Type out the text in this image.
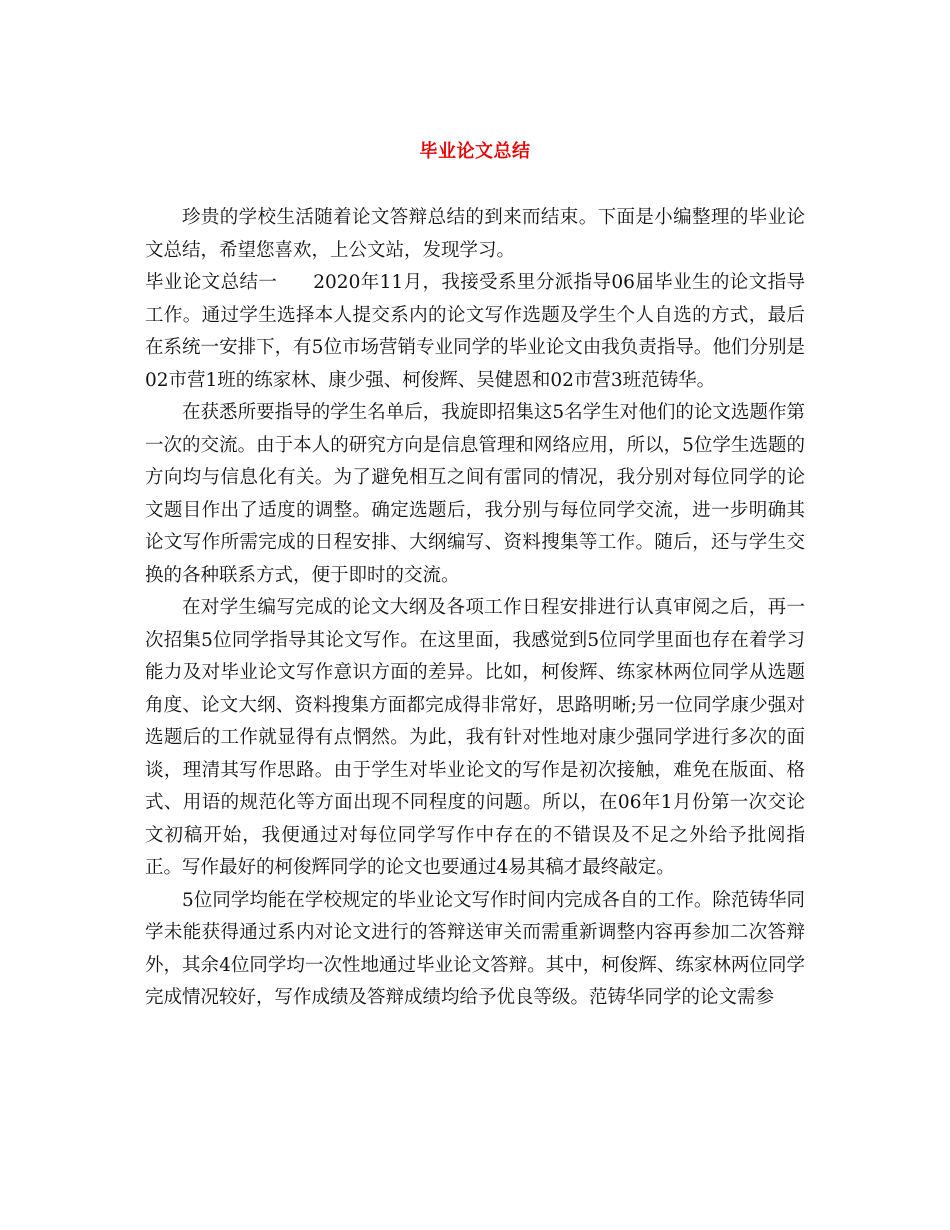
毕业论文总结

珍贵的学校生活随着论文答辩总结的到来而结束。下面是小编整理的毕业论文总结，希望您喜欢，上公文站，发现学习。

毕业论文总结一 2020年11月，我接受系里分派指导06届毕业生的论文指导工作。通过学生选择本人提交系内的论文写作选题及学生个人自选的方式，最后在系统一安排下，有5位市场营销专业同学的毕业论文由我负责指导。他们分别是02市营1班的练家林、康少强、柯俊辉、吴健恩和02市营3班范铸华。

在获悉所要指导的学生名单后，我旋即招集这5名学生对他们的论文选题作第一次的交流。由于本人的研究方向是信息管理和网络应用，所以，5位学生选题的方向均与信息化有关。为了避免相互之间有雷同的情况，我分别对每位同学的论文题目作出了适度的调整。确定选题后，我分别与每位同学交流，进一步明确其论文写作所需完成的日程安排、大纲编写、资料搜集等工作。随后，还与学生交换的各种联系方式，便于即时的交流。

在对学生编写完成的论文大纲及各项工作日程安排进行认真审阅之后，再一次招集5位同学指导其论文写作。在这里面，我感觉到5位同学里面也存在着学习能力及对毕业论文写作意识方面的差异。比如，柯俊辉、练家林两位同学从选题角度、论文大纲、资料搜集方面都完成得非常好，思路明晰;另一位同学康少强对选题后的工作就显得有点惘然。为此，我有针对性地对康少强同学进行多次的面谈，理清其写作思路。由于学生对毕业论文的写作是初次接触，难免在版面、格式、用语的规范化等方面出现不同程度的问题。所以，在06年1月份第一次交论文初稿开始，我便通过对每位同学写作中存在的不错误及不足之外给予批阅指正。写作最好的柯俊辉同学的论文也要通过4易其稿才最终敲定。

5位同学均能在学校规定的毕业论文写作时间内完成各自的工作。除范铸华同学未能获得通过系内对论文进行的答辩送审关而需重新调整内容再参加二次答辩外，其余4位同学均一次性地通过毕业论文答辩。其中，柯俊辉、练家林两位同学完成情况较好，写作成绩及答辩成绩均给予优良等级。范铸华同学的论文需参
